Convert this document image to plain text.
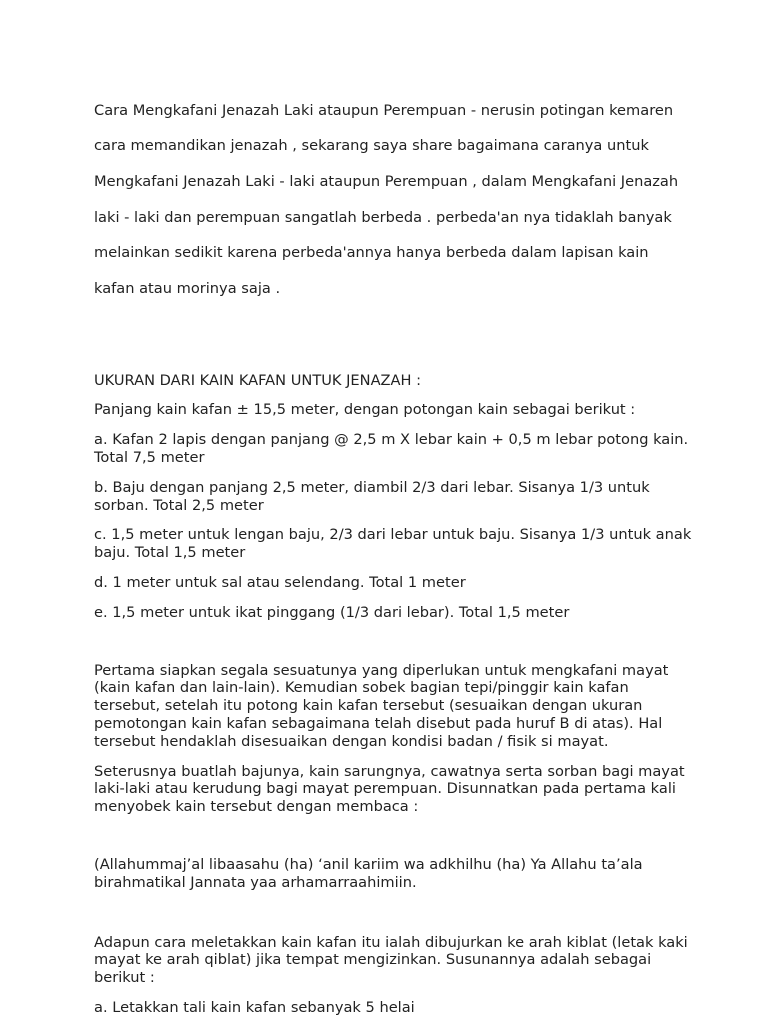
Cara Mengkafani Jenazah Laki ataupun Perempuan - nerusin potingan kemaren

cara memandikan jenazah , sekarang saya share bagaimana caranya untuk

Mengkafani Jenazah Laki - laki ataupun Perempuan , dalam Mengkafani Jenazah

laki - laki dan perempuan sangatlah berbeda . perbeda'an nya tidaklah banyak

melainkan sedikit karena perbeda'annya hanya berbeda dalam lapisan kain

kafan atau morinya saja .

UKURAN DARI KAIN KAFAN UNTUK JENAZAH :

Panjang kain kafan ± 15,5 meter, dengan potongan kain sebagai berikut :

a. Kafan 2 lapis dengan panjang @ 2,5 m X lebar kain + 0,5 m lebar potong kain. Total 7,5 meter

b. Baju dengan panjang 2,5 meter, diambil 2/3 dari lebar. Sisanya 1/3 untuk sorban. Total 2,5 meter

c. 1,5 meter untuk lengan baju, 2/3 dari lebar untuk baju. Sisanya 1/3 untuk anak baju. Total 1,5 meter

d. 1 meter untuk sal atau selendang. Total 1 meter

e. 1,5 meter untuk ikat pinggang (1/3 dari lebar). Total 1,5 meter

Pertama siapkan segala sesuatunya yang diperlukan untuk mengkafani mayat (kain kafan dan lain-lain). Kemudian sobek bagian tepi/pinggir kain kafan tersebut, setelah itu potong kain kafan tersebut (sesuaikan dengan ukuran pemotongan kain kafan sebagaimana telah disebut pada huruf B di atas). Hal tersebut hendaklah disesuaikan dengan kondisi badan / fisik si mayat.

Seterusnya buatlah bajunya, kain sarungnya, cawatnya serta sorban bagi mayat laki-laki atau kerudung bagi mayat perempuan. Disunnatkan pada pertama kali menyobek kain tersebut dengan membaca :

(Allahummaj’al libaasahu (ha) ‘anil kariim wa adkhilhu (ha) Ya Allahu ta’ala birahmatikal Jannata yaa arhamarraahimiin.

Adapun cara meletakkan kain kafan itu ialah dibujurkan ke arah kiblat (letak kaki mayat ke arah qiblat) jika tempat mengizinkan. Susunannya adalah sebagai berikut :

a. Letakkan tali kain kafan sebanyak 5 helai
